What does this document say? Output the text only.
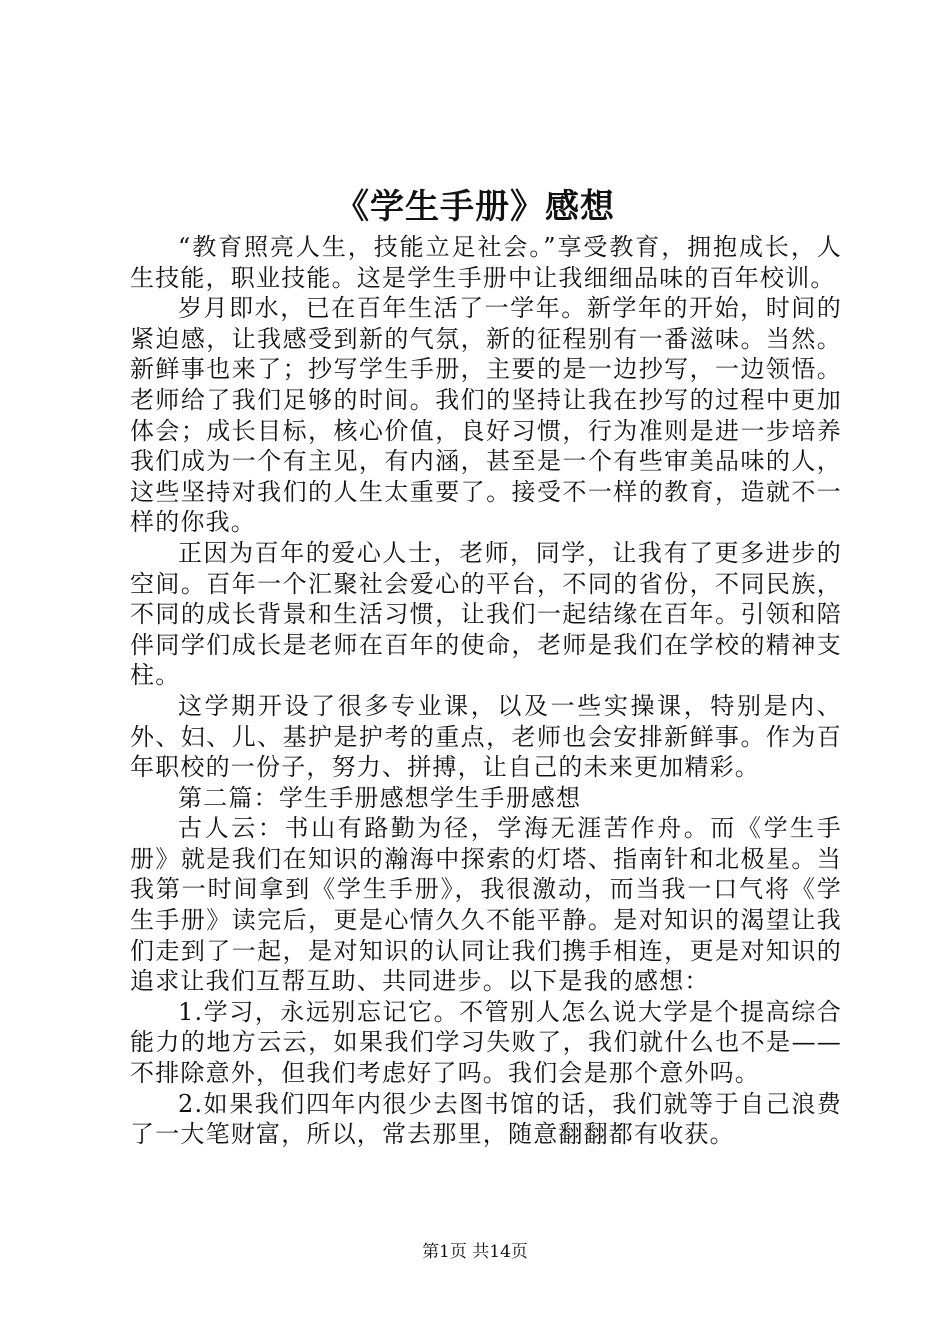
《学生手册》感想

“教育照亮人生，技能立足社会。”享受教育，拥抱成长，人生技能，职业技能。这是学生手册中让我细细品味的百年校训。

岁月即水，已在百年生活了一学年。新学年的开始，时间的紧迫感，让我感受到新的气氛，新的征程别有一番滋味。当然。新鲜事也来了；抄写学生手册，主要的是一边抄写，一边领悟。老师给了我们足够的时间。我们的坚持让我在抄写的过程中更加体会；成长目标，核心价值，良好习惯，行为准则是进一步培养我们成为一个有主见，有内涵，甚至是一个有些审美品味的人，这些坚持对我们的人生太重要了。接受不一样的教育，造就不一样的你我。

正因为百年的爱心人士，老师，同学，让我有了更多进步的空间。百年一个汇聚社会爱心的平台，不同的省份，不同民族，不同的成长背景和生活习惯，让我们一起结缘在百年。引领和陪伴同学们成长是老师在百年的使命，老师是我们在学校的精神支柱。

这学期开设了很多专业课，以及一些实操课，特别是内、外、妇、儿、基护是护考的重点，老师也会安排新鲜事。作为百年职校的一份子，努力、拼搏，让自己的未来更加精彩。

第二篇：学生手册感想学生手册感想

古人云：书山有路勤为径，学海无涯苦作舟。而《学生手册》就是我们在知识的瀚海中探索的灯塔、指南针和北极星。当我第一时间拿到《学生手册》，我很激动，而当我一口气将《学生手册》读完后，更是心情久久不能平静。是对知识的渴望让我们走到了一起，是对知识的认同让我们携手相连，更是对知识的追求让我们互帮互助、共同进步。以下是我的感想：

1.学习，永远别忘记它。不管别人怎么说大学是个提高综合能力的地方云云，如果我们学习失败了，我们就什么也不是——不排除意外，但我们考虑好了吗。我们会是那个意外吗。

2.如果我们四年内很少去图书馆的话，我们就等于自己浪费了一大笔财富，所以，常去那里，随意翻翻都有收获。

第1页 共14页
